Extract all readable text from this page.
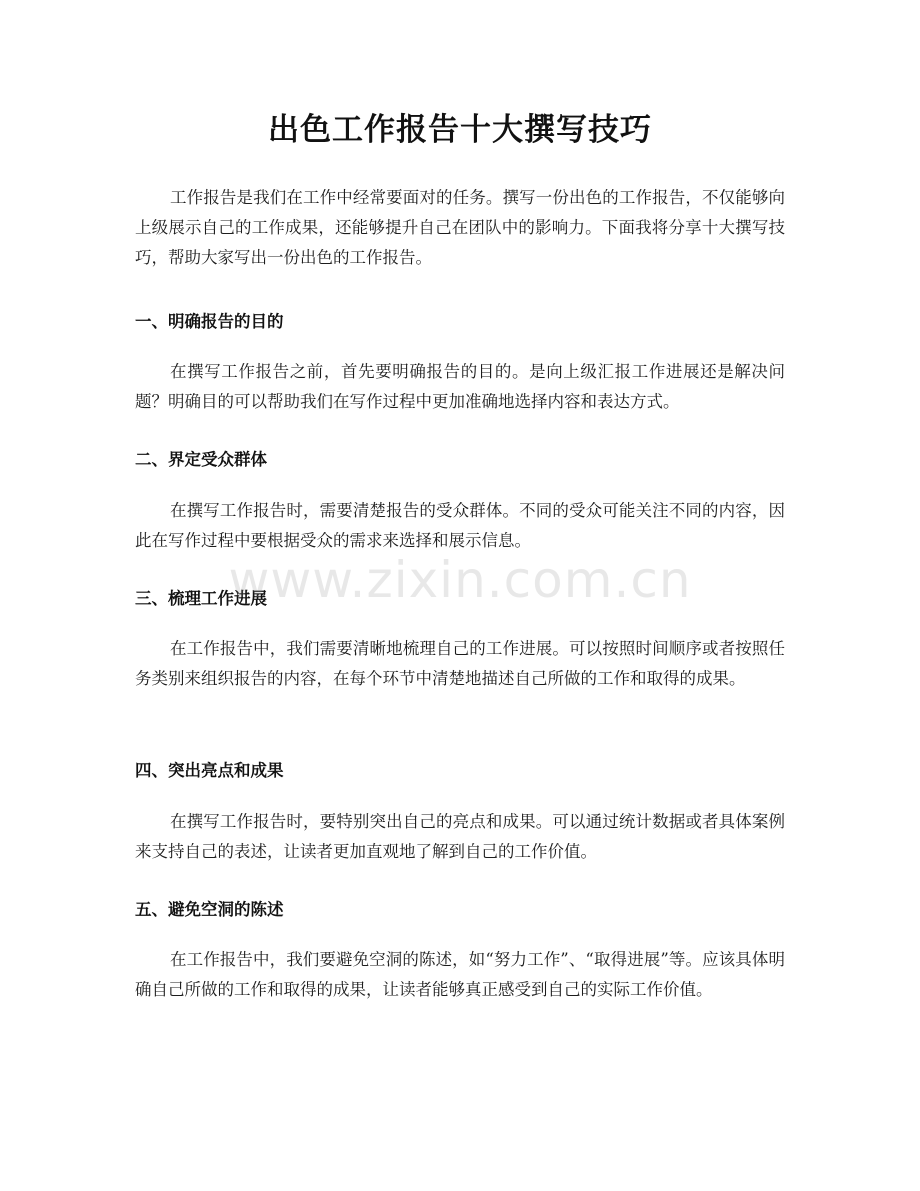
出色工作报告十大撰写技巧

工作报告是我们在工作中经常要面对的任务。撰写一份出色的工作报告，不仅能够向上级展示自己的工作成果，还能够提升自己在团队中的影响力。下面我将分享十大撰写技巧，帮助大家写出一份出色的工作报告。

一、明确报告的目的

在撰写工作报告之前，首先要明确报告的目的。是向上级汇报工作进展还是解决问题？明确目的可以帮助我们在写作过程中更加准确地选择内容和表达方式。

二、界定受众群体

在撰写工作报告时，需要清楚报告的受众群体。不同的受众可能关注不同的内容，因此在写作过程中要根据受众的需求来选择和展示信息。

三、梳理工作进展

在工作报告中，我们需要清晰地梳理自己的工作进展。可以按照时间顺序或者按照任务类别来组织报告的内容，在每个环节中清楚地描述自己所做的工作和取得的成果。

四、突出亮点和成果

在撰写工作报告时，要特别突出自己的亮点和成果。可以通过统计数据或者具体案例来支持自己的表述，让读者更加直观地了解到自己的工作价值。

五、避免空洞的陈述

在工作报告中，我们要避免空洞的陈述，如“努力工作”、“取得进展”等。应该具体明确自己所做的工作和取得的成果，让读者能够真正感受到自己的实际工作价值。

www.zixin.com.cn
